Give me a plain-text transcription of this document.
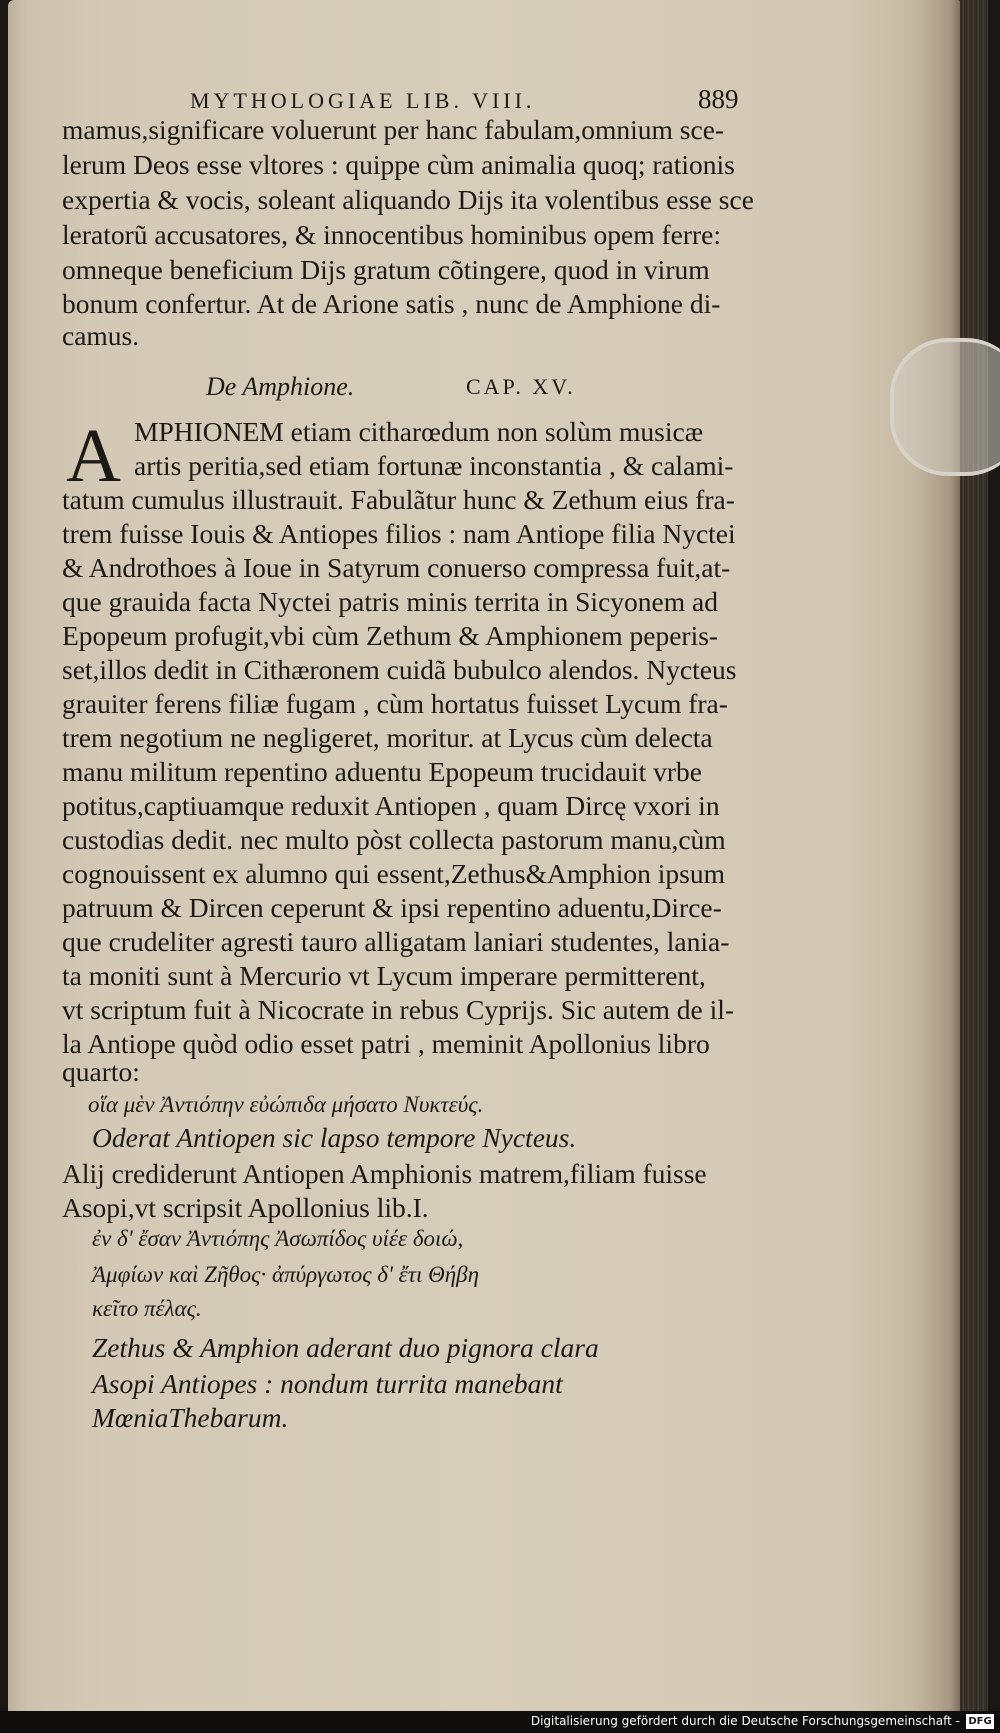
MYTHOLOGIAE LIB. VIII.	889
mamus,significare voluerunt per hanc fabulam,omnium sce-
lerum Deos esse vltores : quippe cùm animalia quoq; rationis
expertia & vocis, soleant aliquando Dijs ita volentibus esse sce
leratorũ accusatores, & innocentibus hominibus opem ferre:
omneque beneficium Dijs gratum cõtingere, quod in virum
bonum confertur. At de Arione satis , nunc de Amphione di-
camus.
De Amphione.	CAP. XV.
A MPHIONEM etiam citharœdum non solùm musicæ
artis peritia,sed etiam fortunæ inconstantia , & calami-
tatum cumulus illustrauit. Fabulãtur hunc & Zethum eius fra-
trem fuisse Iouis & Antiopes filios : nam Antiope filia Nyctei
& Androthoes à Ioue in Satyrum conuerso compressa fuit,at-
que grauida facta Nyctei patris minis territa in Sicyonem ad
Epopeum profugit,vbi cùm Zethum & Amphionem peperis-
set,illos dedit in Cithæronem cuidã bubulco alendos. Nycteus
grauiter ferens filiæ fugam , cùm hortatus fuisset Lycum fra-
trem negotium ne negligeret, moritur. at Lycus cùm delecta
manu militum repentino aduentu Epopeum trucidauit vrbe
potitus,captiuamque reduxit Antiopen , quam Dircę vxori in
custodias dedit. nec multo pòst collecta pastorum manu,cùm
cognouissent ex alumno qui essent,Zethus&Amphion ipsum
patruum & Dircen ceperunt & ipsi repentino aduentu,Dirce-
que crudeliter agresti tauro alligatam laniari studentes, lania-
ta moniti sunt à Mercurio vt Lycum imperare permitterent,
vt scriptum fuit à Nicocrate in rebus Cyprijs. Sic autem de il-
la Antiope quòd odio esset patri , meminit Apollonius libro
quarto:
οἵα μὲν Ἀντιόπην εὐώπιδα μήσατο Νυκτεύς.
Oderat Antiopen sic lapso tempore Nycteus.
Alij crediderunt Antiopen Amphionis matrem,filiam fuisse
Asopi,vt scripsit Apollonius lib.I.
ἐν δ' ἔσαν Ἀντιόπης Ἀσωπίδος υἱέε δοιώ,
Ἀμφίων καὶ Ζῆθος· ἀπύργωτος δ' ἔτι Θήβη
κεῖτο πέλας.
Zethus & Amphion aderant duo pignora clara
Asopi Antiopes : nondum turrita manebant
MœniaThebarum.
Digitalisierung gefördert durch die Deutsche Forschungsgemeinschaft - DFG
